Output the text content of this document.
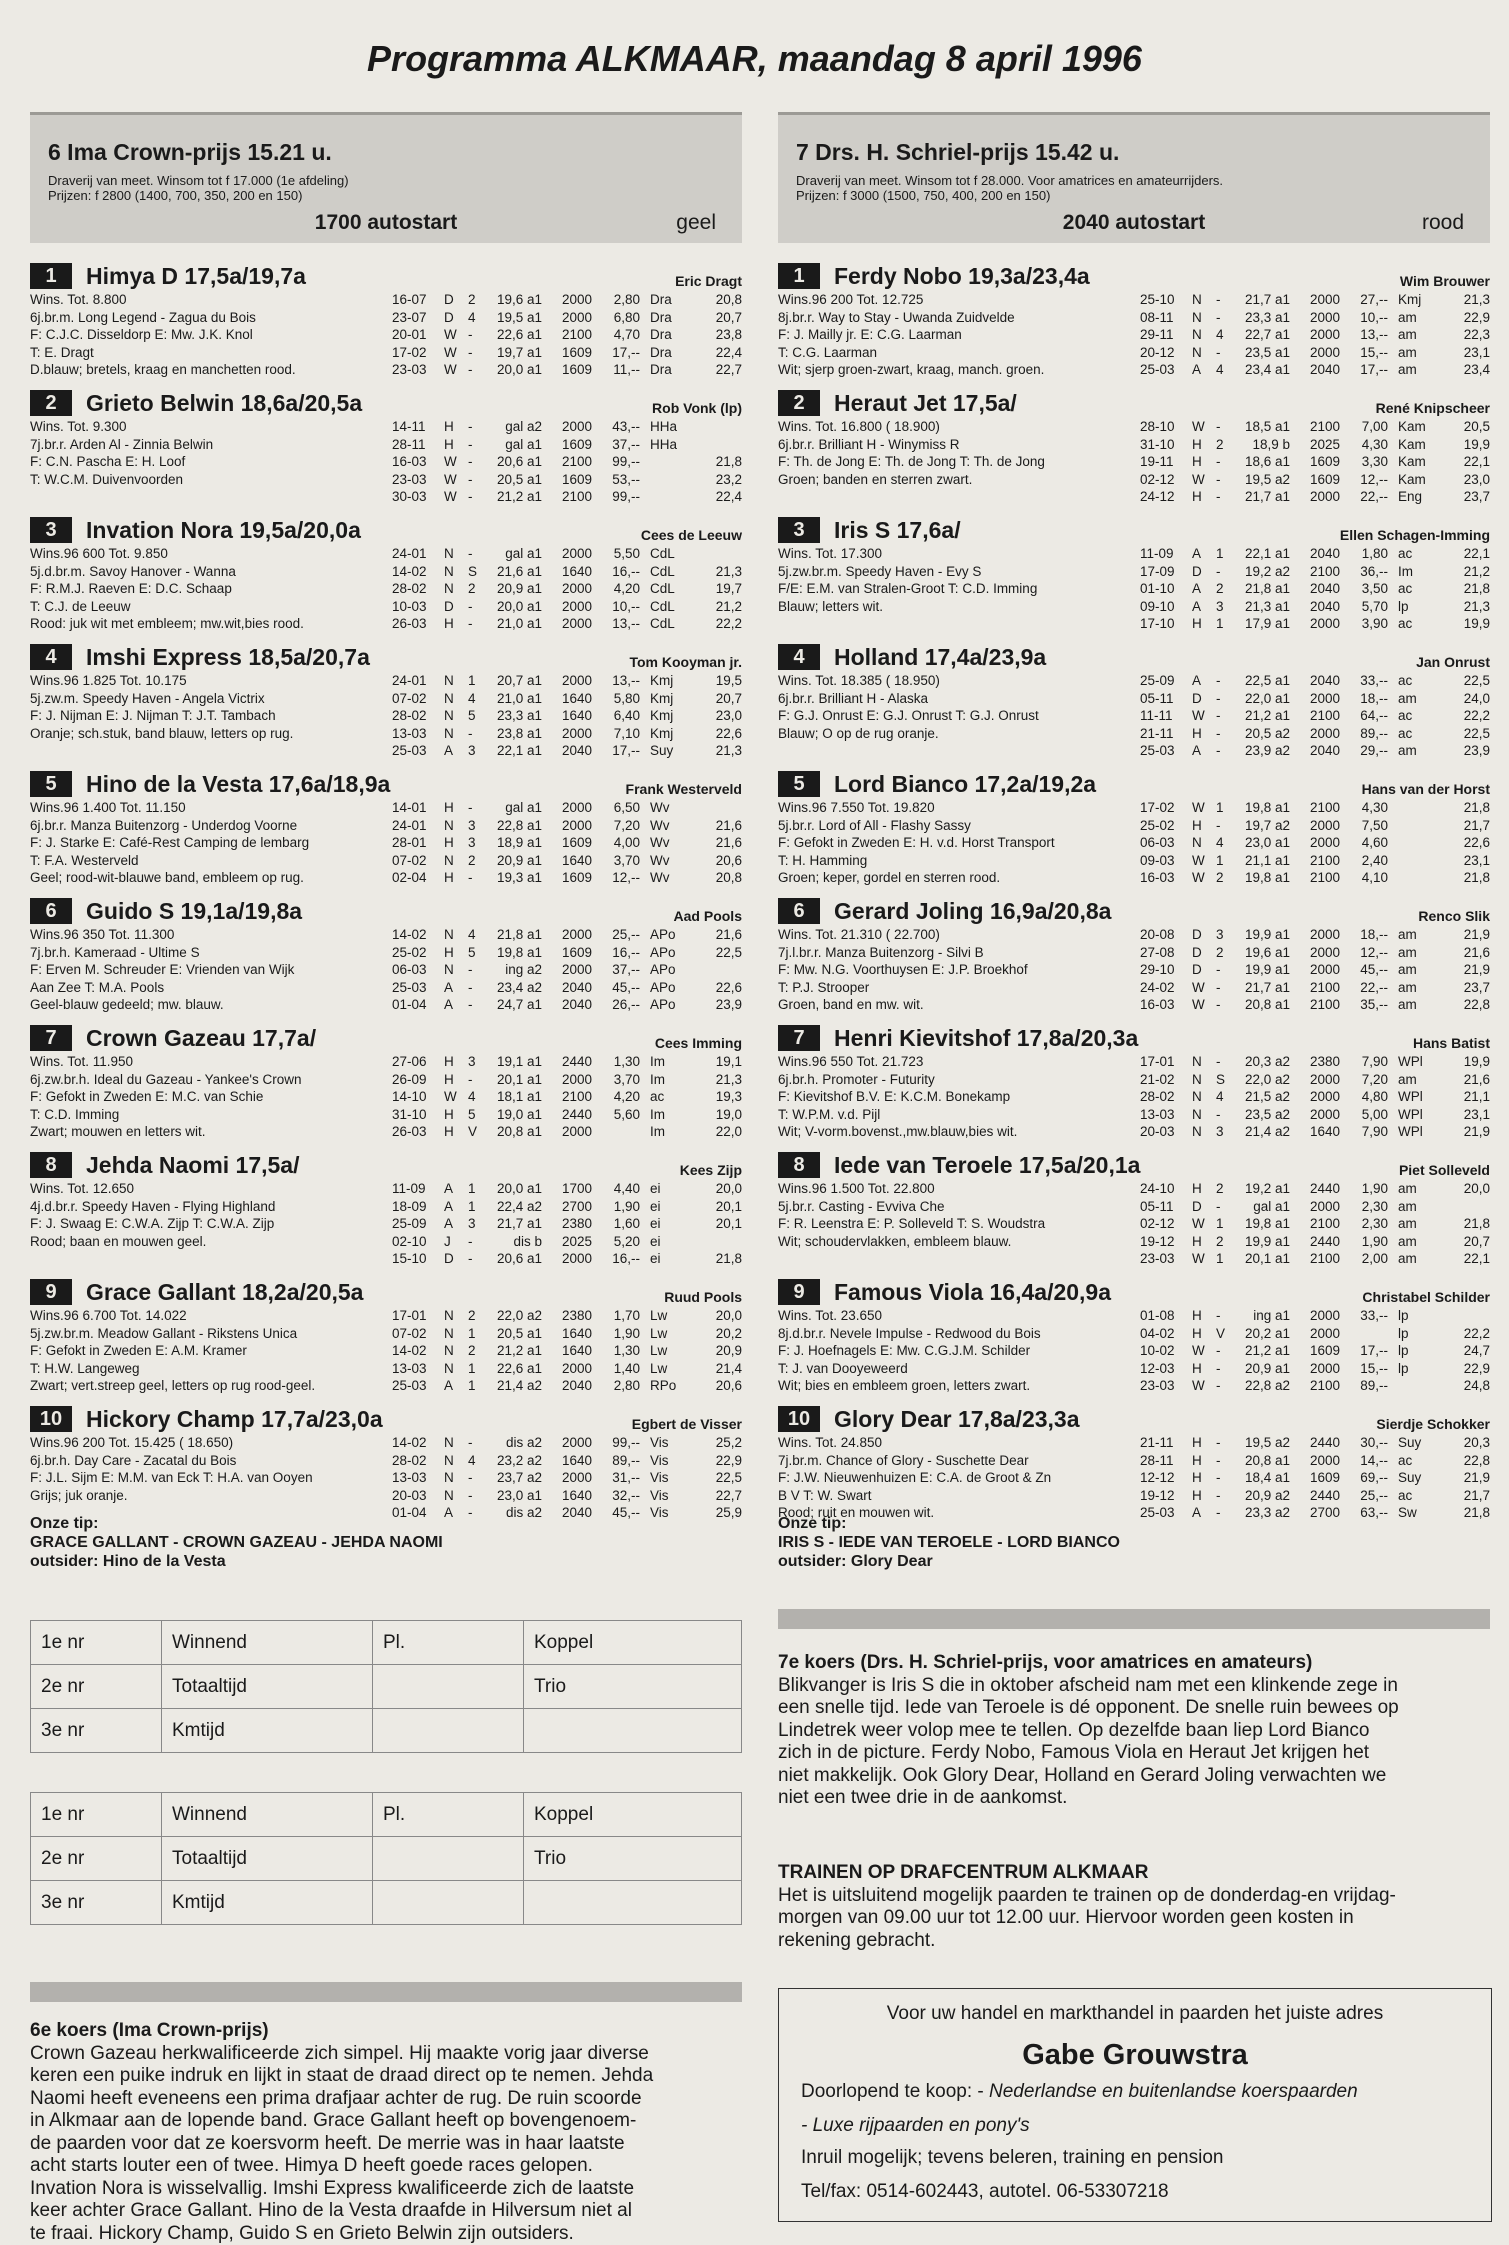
Programma ALKMAAR, maandag 8 april 1996
6 Ima Crown-prijs 15.21 u.
Draverij van meet. Winsom tot f 17.000 (1e afdeling)
Prijzen: f 2800 (1400, 700, 350, 200 en 150)
1700 autostart	geel
1 Himya D 17,5a/19,7a	Eric Dragt
Wins. Tot. 8.800
6j.br.m. Long Legend - Zagua du Bois
F: C.J.C. Disseldorp E: Mw. J.K. Knol
T: E. Dragt
D.blauw; bretels, kraag en manchetten rood.
16-07 D 2	19,6 a1	2000	2,80 Dra	20,8
23-07 D 4	19,5 a1	2000	6,80 Dra	20,7
20-01 W -	22,6 a1	2100	4,70 Dra	23,8
17-02 W -	19,7 a1	1609	17,-- Dra	22,4
23-03 W -	20,0 a1	1609	11,-- Dra	22,7
2 Grieto Belwin 18,6a/20,5a	Rob Vonk (lp)
Wins. Tot. 9.300
7j.br.r. Arden Al - Zinnia Belwin
F: C.N. Pascha E: H. Loof
T: W.C.M. Duivenvoorden
14-11 H -	gal a2	2000	43,-- HHa
28-11 H -	gal a1	1609	37,-- HHa
16-03 W -	20,6 a1	2100	99,--	21,8
23-03 W -	20,5 a1	1609	53,--	23,2
30-03 W -	21,2 a1	2100	99,--	22,4
3 Invation Nora 19,5a/20,0a	Cees de Leeuw
Wins.96 600 Tot. 9.850
5j.d.br.m. Savoy Hanover - Wanna
F: R.M.J. Raeven E: D.C. Schaap
T: C.J. de Leeuw
Rood: juk wit met embleem; mw.wit,bies rood.
24-01 N -	gal a1	2000	5,50 CdL
14-02 N S	21,6 a1	1640	16,-- CdL	21,3
28-02 N 2	20,9 a1	2000	4,20 CdL	19,7
10-03 D -	20,0 a1	2000	10,-- CdL	21,2
26-03 H -	21,0 a1	2000	13,-- CdL	22,2
4 Imshi Express 18,5a/20,7a	Tom Kooyman jr.
Wins.96 1.825 Tot. 10.175
5j.zw.m. Speedy Haven - Angela Victrix
F: J. Nijman E: J. Nijman T: J.T. Tambach
Oranje; sch.stuk, band blauw, letters op rug.
24-01 N 1	20,7 a1	2000	13,-- Kmj	19,5
07-02 N 4	21,0 a1	1640	5,80 Kmj	20,7
28-02 N 5	23,3 a1	1640	6,40 Kmj	23,0
13-03 N -	23,8 a1	2000	7,10 Kmj	22,6
25-03 A 3	22,1 a1	2040	17,-- Suy	21,3
5 Hino de la Vesta 17,6a/18,9a	Frank Westerveld
Wins.96 1.400 Tot. 11.150
6j.br.r. Manza Buitenzorg - Underdog Voorne
F: J. Starke E: Café-Rest Camping de lembarg
T: F.A. Westerveld
Geel; rood-wit-blauwe band, embleem op rug.
14-01 H -	gal a1	2000	6,50 Wv
24-01 N 3	22,8 a1	2000	7,20 Wv	21,6
28-01 H 3	18,9 a1	1609	4,00 Wv	21,6
07-02 N 2	20,9 a1	1640	3,70 Wv	20,6
02-04 H -	19,3 a1	1609	12,-- Wv	20,8
6 Guido S 19,1a/19,8a	Aad Pools
Wins.96 350 Tot. 11.300
7j.br.h. Kameraad - Ultime S
F: Erven M. Schreuder E: Vrienden van Wijk
Aan Zee T: M.A. Pools
Geel-blauw gedeeld; mw. blauw.
14-02 N 4	21,8 a1	2000	25,-- APo	21,6
25-02 H 5	19,8 a1	1609	16,-- APo	22,5
06-03 N -	ing a2	2000	37,-- APo
25-03 A -	23,4 a2	2040	45,-- APo	22,6
01-04 A -	24,7 a1	2040	26,-- APo	23,9
7 Crown Gazeau 17,7a/	Cees Imming
Wins. Tot. 11.950
6j.zw.br.h. Ideal du Gazeau - Yankee's Crown
F: Gefokt in Zweden E: M.C. van Schie
T: C.D. Imming
Zwart; mouwen en letters wit.
27-06 H 3	19,1 a1	2440	1,30 Im	19,1
26-09 H -	20,1 a1	2000	3,70 Im	21,3
14-10 W 4	18,1 a1	2100	4,20 ac	19,3
31-10 H 5	19,0 a1	2440	5,60 Im	19,0
26-03 H V	20,8 a1	2000	Im	22,0
8 Jehda Naomi 17,5a/	Kees Zijp
Wins. Tot. 12.650
4j.d.br.r. Speedy Haven - Flying Highland
F: J. Swaag E: C.W.A. Zijp T: C.W.A. Zijp
Rood; baan en mouwen geel.
11-09 A 1	20,0 a1	1700	4,40 ei	20,0
18-09 A 1	22,4 a2	2700	1,90 ei	20,1
25-09 A 3	21,7 a1	2380	1,60 ei	20,1
02-10 J -	dis b	2025	5,20 ei
15-10 D -	20,6 a1	2000	16,-- ei	21,8
9 Grace Gallant 18,2a/20,5a	Ruud Pools
Wins.96 6.700 Tot. 14.022
5j.zw.br.m. Meadow Gallant - Rikstens Unica
F: Gefokt in Zweden E: A.M. Kramer
T: H.W. Langeweg
Zwart; vert.streep geel, letters op rug rood-geel.
17-01 N 2	22,0 a2	2380	1,70 Lw	20,0
07-02 N 1	20,5 a1	1640	1,90 Lw	20,2
14-02 N 2	21,2 a1	1640	1,30 Lw	20,9
13-03 N 1	22,6 a1	2000	1,40 Lw	21,4
25-03 A 1	21,4 a2	2040	2,80 RPo	20,6
10 Hickory Champ 17,7a/23,0a	Egbert de Visser
Wins.96 200 Tot. 15.425 ( 18.650)
6j.br.h. Day Care - Zacatal du Bois
F: J.L. Sijm E: M.M. van Eck T: H.A. van Ooyen
Grijs; juk oranje.
14-02 N -	dis a2	2000	99,-- Vis	25,2
28-02 N 4	23,2 a2	1640	89,-- Vis	22,9
13-03 N -	23,7 a2	2000	31,-- Vis	22,5
20-03 N -	23,0 a1	1640	32,-- Vis	22,7
01-04 A -	dis a2	2040	45,-- Vis	25,9
Onze tip:
GRACE GALLANT - CROWN GAZEAU - JEHDA NAOMI
outsider: Hino de la Vesta
1e nr	Winnend	Pl.	Koppel
2e nr	Totaaltijd		Trio
3e nr	Kmtijd		
1e nr	Winnend	Pl.	Koppel
2e nr	Totaaltijd		Trio
3e nr	Kmtijd		
6e koers (Ima Crown-prijs)
Crown Gazeau herkwalificeerde zich simpel. Hij maakte vorig jaar diverse
keren een puike indruk en lijkt in staat de draad direct op te nemen. Jehda
Naomi heeft eveneens een prima drafjaar achter de rug. De ruin scoorde
in Alkmaar aan de lopende band. Grace Gallant heeft op bovengenoem-
de paarden voor dat ze koersvorm heeft. De merrie was in haar laatste
acht starts louter een of twee. Himya D heeft goede races gelopen.
Invation Nora is wisselvallig. Imshi Express kwalificeerde zich de laatste
keer achter Grace Gallant. Hino de la Vesta draafde in Hilversum niet al
te fraai. Hickory Champ, Guido S en Grieto Belwin zijn outsiders.
7 Drs. H. Schriel-prijs 15.42 u.
Draverij van meet. Winsom tot f 28.000. Voor amatrices en amateurrijders.
Prijzen: f 3000 (1500, 750, 400, 200 en 150)
2040 autostart	rood
1 Ferdy Nobo 19,3a/23,4a	Wim Brouwer
Wins.96 200 Tot. 12.725
8j.br.r. Way to Stay - Uwanda Zuidvelde
F: J. Mailly jr. E: C.G. Laarman
T: C.G. Laarman
Wit; sjerp groen-zwart, kraag, manch. groen.
25-10 N -	21,7 a1	2000	27,-- Kmj	21,3
08-11 N -	23,3 a1	2000	10,-- am	22,9
29-11 N 4	22,7 a1	2000	13,-- am	22,3
20-12 N -	23,5 a1	2000	15,-- am	23,1
25-03 A 4	23,4 a1	2040	17,-- am	23,4
2 Heraut Jet 17,5a/	René Knipscheer
Wins. Tot. 16.800 ( 18.900)
6j.br.r. Brilliant H - Winymiss R
F: Th. de Jong E: Th. de Jong T: Th. de Jong
Groen; banden en sterren zwart.
28-10 W -	18,5 a1	2100	7,00 Kam	20,5
31-10 H 2	18,9 b	2025	4,30 Kam	19,9
19-11 H -	18,6 a1	1609	3,30 Kam	22,1
02-12 W -	19,5 a2	1609	12,-- Kam	23,0
24-12 H -	21,7 a1	2000	22,-- Eng	23,7
3 Iris S 17,6a/	Ellen Schagen-Imming
Wins. Tot. 17.300
5j.zw.br.m. Speedy Haven - Evy S
F/E: E.M. van Stralen-Groot T: C.D. Imming
Blauw; letters wit.
11-09 A 1	22,1 a1	2040	1,80 ac	22,1
17-09 D -	19,2 a2	2100	36,-- Im	21,2
01-10 A 2	21,8 a1	2040	3,50 ac	21,8
09-10 A 3	21,3 a1	2040	5,70 lp	21,3
17-10 H 1	17,9 a1	2000	3,90 ac	19,9
4 Holland 17,4a/23,9a	Jan Onrust
Wins. Tot. 18.385 ( 18.950)
6j.br.r. Brilliant H - Alaska
F: G.J. Onrust E: G.J. Onrust T: G.J. Onrust
Blauw; O op de rug oranje.
25-09 A -	22,5 a1	2040	33,-- ac	22,5
05-11 D -	22,0 a1	2000	18,-- am	24,0
11-11 W -	21,2 a1	2100	64,-- ac	22,2
21-11 H -	20,5 a2	2000	89,-- ac	22,5
25-03 A -	23,9 a2	2040	29,-- am	23,9
5 Lord Bianco 17,2a/19,2a	Hans van der Horst
Wins.96 7.550 Tot. 19.820
5j.br.r. Lord of All - Flashy Sassy
F: Gefokt in Zweden E: H. v.d. Horst Transport
T: H. Hamming
Groen; keper, gordel en sterren rood.
17-02 W 1	19,8 a1	2100	4,30	21,8
25-02 H -	19,7 a2	2000	7,50	21,7
06-03 N 4	23,0 a1	2000	4,60	22,6
09-03 W 1	21,1 a1	2100	2,40	23,1
16-03 W 2	19,8 a1	2100	4,10	21,8
6 Gerard Joling 16,9a/20,8a	Renco Slik
Wins. Tot. 21.310 ( 22.700)
7j.l.br.r. Manza Buitenzorg - Silvi B
F: Mw. N.G. Voorthuysen E: J.P. Broekhof
T: P.J. Strooper
Groen, band en mw. wit.
20-08 D 3	19,9 a1	2000	18,-- am	21,9
27-08 D 2	19,6 a1	2000	12,-- am	21,6
29-10 D -	19,9 a1	2000	45,-- am	21,9
24-02 W -	21,7 a1	2100	22,-- am	23,7
16-03 W -	20,8 a1	2100	35,-- am	22,8
7 Henri Kievitshof 17,8a/20,3a	Hans Batist
Wins.96 550 Tot. 21.723
6j.br.h. Promoter - Futurity
F: Kievitshof B.V. E: K.C.M. Bonekamp
T: W.P.M. v.d. Pijl
Wit; V-vorm.bovenst.,mw.blauw,bies wit.
17-01 N -	20,3 a2	2380	7,90 WPl	19,9
21-02 N S	22,0 a2	2000	7,20 am	21,6
28-02 N 4	21,5 a2	2000	4,80 WPl	21,1
13-03 N -	23,5 a2	2000	5,00 WPl	23,1
20-03 N 3	21,4 a2	1640	7,90 WPl	21,9
8 Iede van Teroele 17,5a/20,1a	Piet Solleveld
Wins.96 1.500 Tot. 22.800
5j.br.r. Casting - Evviva Che
F: R. Leenstra E: P. Solleveld T: S. Woudstra
Wit; schoudervlakken, embleem blauw.
24-10 H 2	19,2 a1	2440	1,90 am	20,0
05-11 D -	gal a1	2000	2,30 am
02-12 W 1	19,8 a1	2100	2,30 am	21,8
19-12 H 2	19,9 a1	2440	1,90 am	20,7
23-03 W 1	20,1 a1	2100	2,00 am	22,1
9 Famous Viola 16,4a/20,9a	Christabel Schilder
Wins. Tot. 23.650
8j.d.br.r. Nevele Impulse - Redwood du Bois
F: J. Hoefnagels E: Mw. C.G.J.M. Schilder
T: J. van Dooyeweerd
Wit; bies en embleem groen, letters zwart.
01-08 H -	ing a1	2000	33,-- lp
04-02 H V	20,2 a1	2000	lp	22,2
10-02 W -	21,2 a1	1609	17,-- lp	24,7
12-03 H -	20,9 a1	2000	15,-- lp	22,9
23-03 W -	22,8 a2	2100	89,--	24,8
10 Glory Dear 17,8a/23,3a	Sierdje Schokker
Wins. Tot. 24.850
7j.br.m. Chance of Glory - Suschette Dear
F: J.W. Nieuwenhuizen E: C.A. de Groot & Zn
B V T: W. Swart
Rood; ruit en mouwen wit.
21-11 H -	19,5 a2	2440	30,-- Suy	20,3
28-11 H -	20,8 a1	2000	14,-- ac	22,8
12-12 H -	18,4 a1	1609	69,-- Suy	21,9
19-12 H -	20,9 a2	2440	25,-- ac	21,7
25-03 A -	23,3 a2	2700	63,-- Sw	21,8
Onze tip:
IRIS S - IEDE VAN TEROELE - LORD BIANCO
outsider: Glory Dear
7e koers (Drs. H. Schriel-prijs, voor amatrices en amateurs)
Blikvanger is Iris S die in oktober afscheid nam met een klinkende zege in
een snelle tijd. Iede van Teroele is dé opponent. De snelle ruin bewees op
Lindetrek weer volop mee te tellen. Op dezelfde baan liep Lord Bianco
zich in de picture. Ferdy Nobo, Famous Viola en Heraut Jet krijgen het
niet makkelijk. Ook Glory Dear, Holland en Gerard Joling verwachten we
niet een twee drie in de aankomst.
TRAINEN OP DRAFCENTRUM ALKMAAR
Het is uitsluitend mogelijk paarden te trainen op de donderdag-en vrijdag-
morgen van 09.00 uur tot 12.00 uur. Hiervoor worden geen kosten in
rekening gebracht.
Voor uw handel en markthandel in paarden het juiste adres
Gabe Grouwstra
Doorlopend te koop: - Nederlandse en buitenlandse koerspaarden
- Luxe rijpaarden en pony's
Inruil mogelijk; tevens beleren, training en pension
Tel/fax: 0514-602443, autotel. 06-53307218
